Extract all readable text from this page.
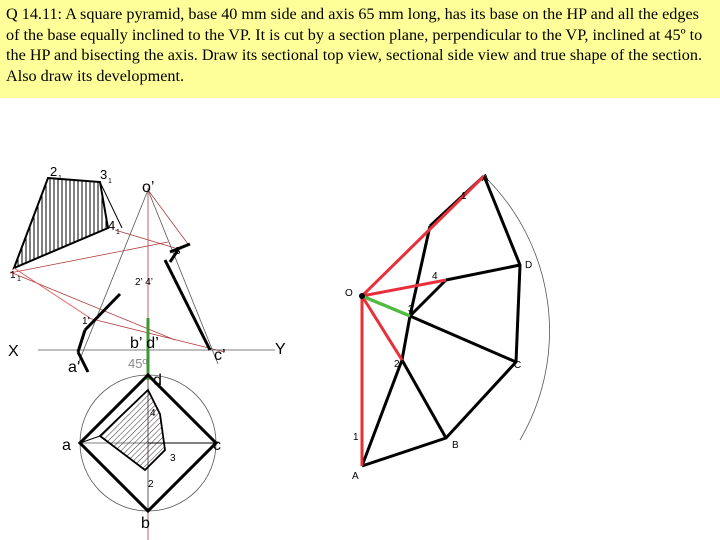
Q 14.11: A square pyramid, base 40 mm side and axis 65 mm long, has its base on the HP and all the edges of the base equally inclined to the VP. It is cut by a section plane, perpendicular to the VP, inclined at 45º to the HP and bisecting the axis. Draw its sectional top view, sectional side view and true shape of the section. Also draw its development.
2 1	3 1
4 1
1 1
o’
3’
2’ 4’
1’
b’ d’
a’
c’
45º
X	Y
d
a
b
c
4
3
2
A
1
D
4
O
3
2	C
1
B
A
